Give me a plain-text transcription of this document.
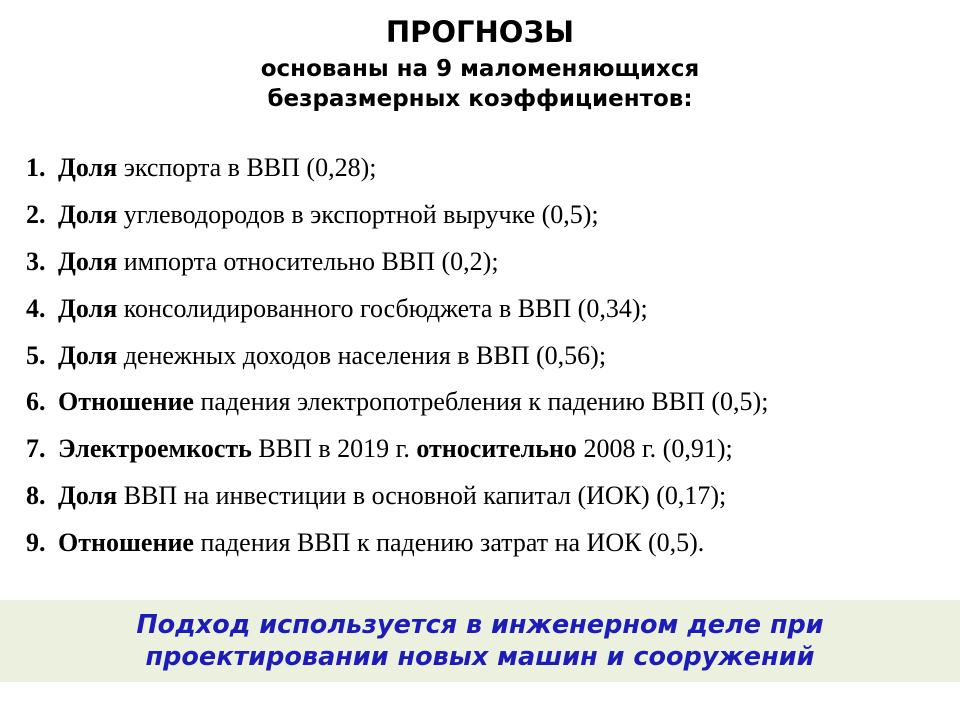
ПРОГНОЗЫ
основаны на 9 маломеняющихся
безразмерных коэффициентов:
1. Доля экспорта в ВВП (0,28);
2. Доля углеводородов в экспортной выручке (0,5);
3. Доля импорта относительно ВВП (0,2);
4. Доля консолидированного госбюджета в ВВП (0,34);
5. Доля денежных доходов населения в ВВП (0,56);
6. Отношение падения электропотребления к падению ВВП (0,5);
7. Электроемкость ВВП в 2019 г. относительно 2008 г. (0,91);
8. Доля ВВП на инвестиции в основной капитал (ИОК) (0,17);
9. Отношение падения ВВП к падению затрат на ИОК (0,5).
Подход используется в инженерном деле при
проектировании новых машин и сооружений
